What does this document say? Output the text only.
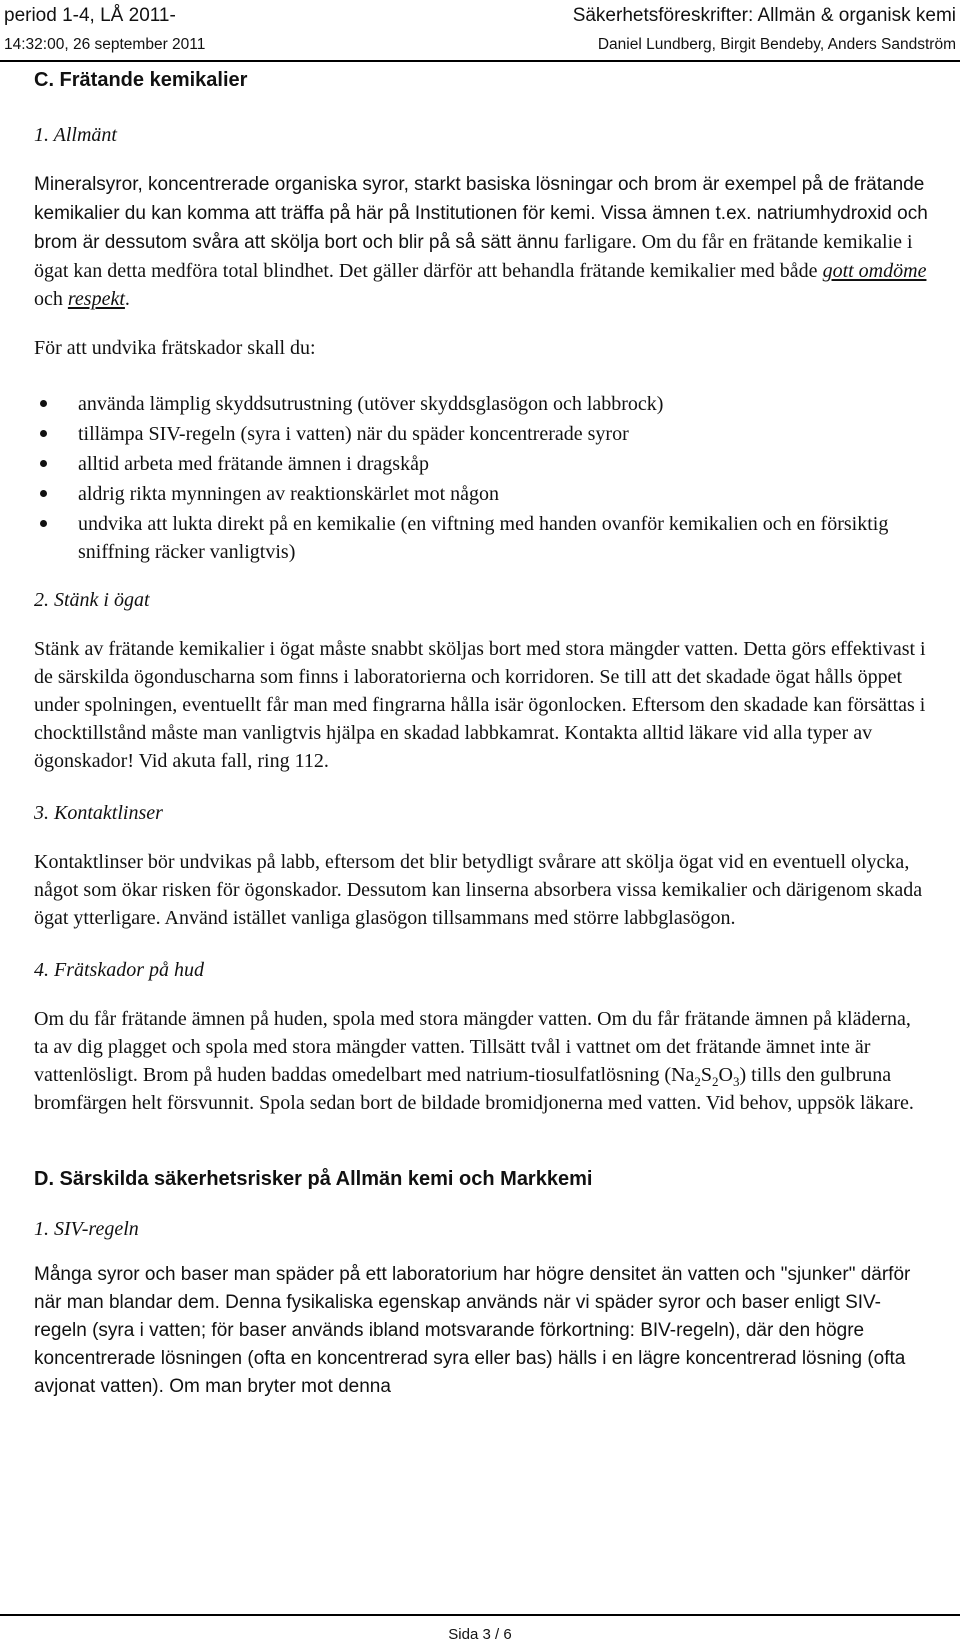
period 1-4, LÅ 2011-	Säkerhetsföreskrifter: Allmän & organisk kemi
14:32:00, 26 september 2011	Daniel Lundberg, Birgit Bendeby, Anders Sandström
C. Frätande kemikalier

1. Allmänt

Mineralsyror, koncentrerade organiska syror, starkt basiska lösningar och brom är exempel på de frätande kemikalier du kan komma att träffa på här på Institutionen för kemi. Vissa ämnen t.ex. natriumhydroxid och brom är dessutom svåra att skölja bort och blir på så sätt ännu farligare. Om du får en frätande kemikalie i ögat kan detta medföra total blindhet. Det gäller därför att behandla frätande kemikalier med både gott omdöme och respekt.

För att undvika frätskador skall du:

använda lämplig skyddsutrustning (utöver skyddsglasögon och labbrock)
tillämpa SIV-regeln (syra i vatten) när du späder koncentrerade syror
alltid arbeta med frätande ämnen i dragskåp
aldrig rikta mynningen av reaktionskärlet mot någon
undvika att lukta direkt på en kemikalie (en viftning med handen ovanför kemikalien och en försiktig sniffning räcker vanligtvis)

2. Stänk i ögat

Stänk av frätande kemikalier i ögat måste snabbt sköljas bort med stora mängder vatten. Detta görs effektivast i de särskilda ögonduscharna som finns i laboratorierna och korridoren. Se till att det skadade ögat hålls öppet under spolningen, eventuellt får man med fingrarna hålla isär ögonlocken. Eftersom den skadade kan försättas i chocktillstånd måste man vanligtvis hjälpa en skadad labbkamrat. Kontakta alltid läkare vid alla typer av ögonskador! Vid akuta fall, ring 112.

3. Kontaktlinser

Kontaktlinser bör undvikas på labb, eftersom det blir betydligt svårare att skölja ögat vid en eventuell olycka, något som ökar risken för ögonskador. Dessutom kan linserna absorbera vissa kemikalier och därigenom skada ögat ytterligare. Använd istället vanliga glasögon tillsammans med större labbglasögon.

4. Frätskador på hud

Om du får frätande ämnen på huden, spola med stora mängder vatten. Om du får frätande ämnen på kläderna, ta av dig plagget och spola med stora mängder vatten. Tillsätt tvål i vattnet om det frätande ämnet inte är vattenlösligt. Brom på huden baddas omedelbart med natrium-tiosulfatlösning $(Na_2S_2O_3)$ tills den gulbruna bromfärgen helt försvunnit. Spola sedan bort de bildade bromidjonerna med vatten. Vid behov, uppsök läkare.

D. Särskilda säkerhetsrisker på Allmän kemi och Markkemi

1. SIV-regeln

Många syror och baser man späder på ett laboratorium har högre densitet än vatten och "sjunker" därför när man blandar dem. Denna fysikaliska egenskap används när vi späder syror och baser enligt SIV-regeln (syra i vatten; för baser används ibland motsvarande förkortning: BIV-regeln), där den högre koncentrerade lösningen (ofta en koncentrerad syra eller bas) hälls i en lägre koncentrerad lösning (ofta avjonat vatten). Om man bryter mot denna

Sida 3 / 6
